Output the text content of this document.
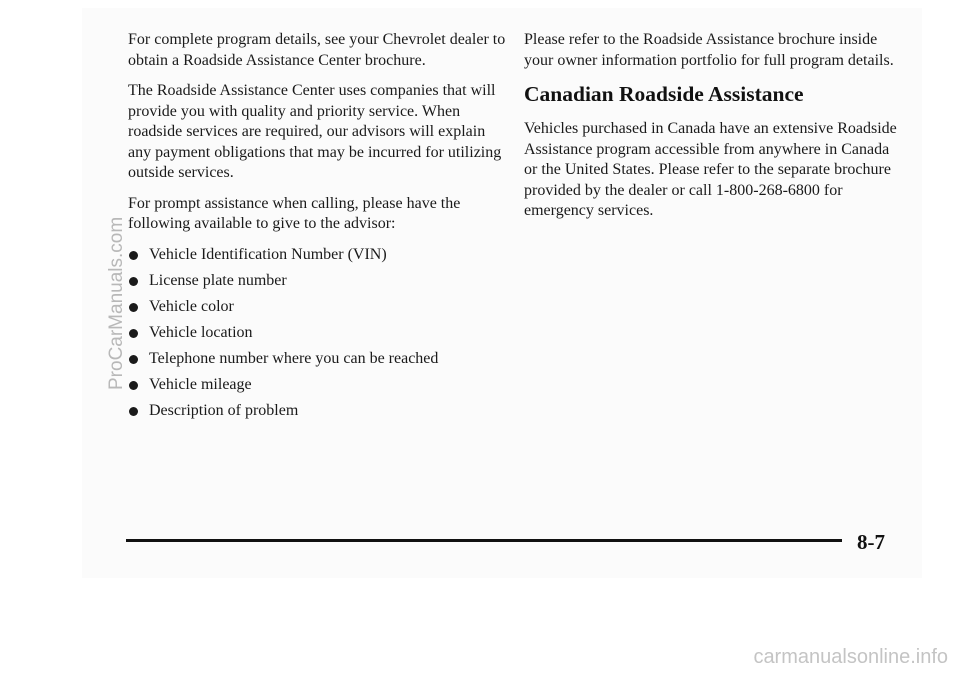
For complete program details, see your Chevrolet dealer to obtain a Roadside Assistance Center brochure.

The Roadside Assistance Center uses companies that will provide you with quality and priority service. When roadside services are required, our advisors will explain any payment obligations that may be incurred for utilizing outside services.

For prompt assistance when calling, please have the following available to give to the advisor:

Vehicle Identification Number (VIN)
License plate number
Vehicle color
Vehicle location
Telephone number where you can be reached
Vehicle mileage
Description of problem

Please refer to the Roadside Assistance brochure inside your owner information portfolio for full program details.

Canadian Roadside Assistance

Vehicles purchased in Canada have an extensive Roadside Assistance program accessible from anywhere in Canada or the United States. Please refer to the separate brochure provided by the dealer or call 1-800-268-6800 for emergency services.

8-7
ProCarManuals.com
carmanualsonline.info
